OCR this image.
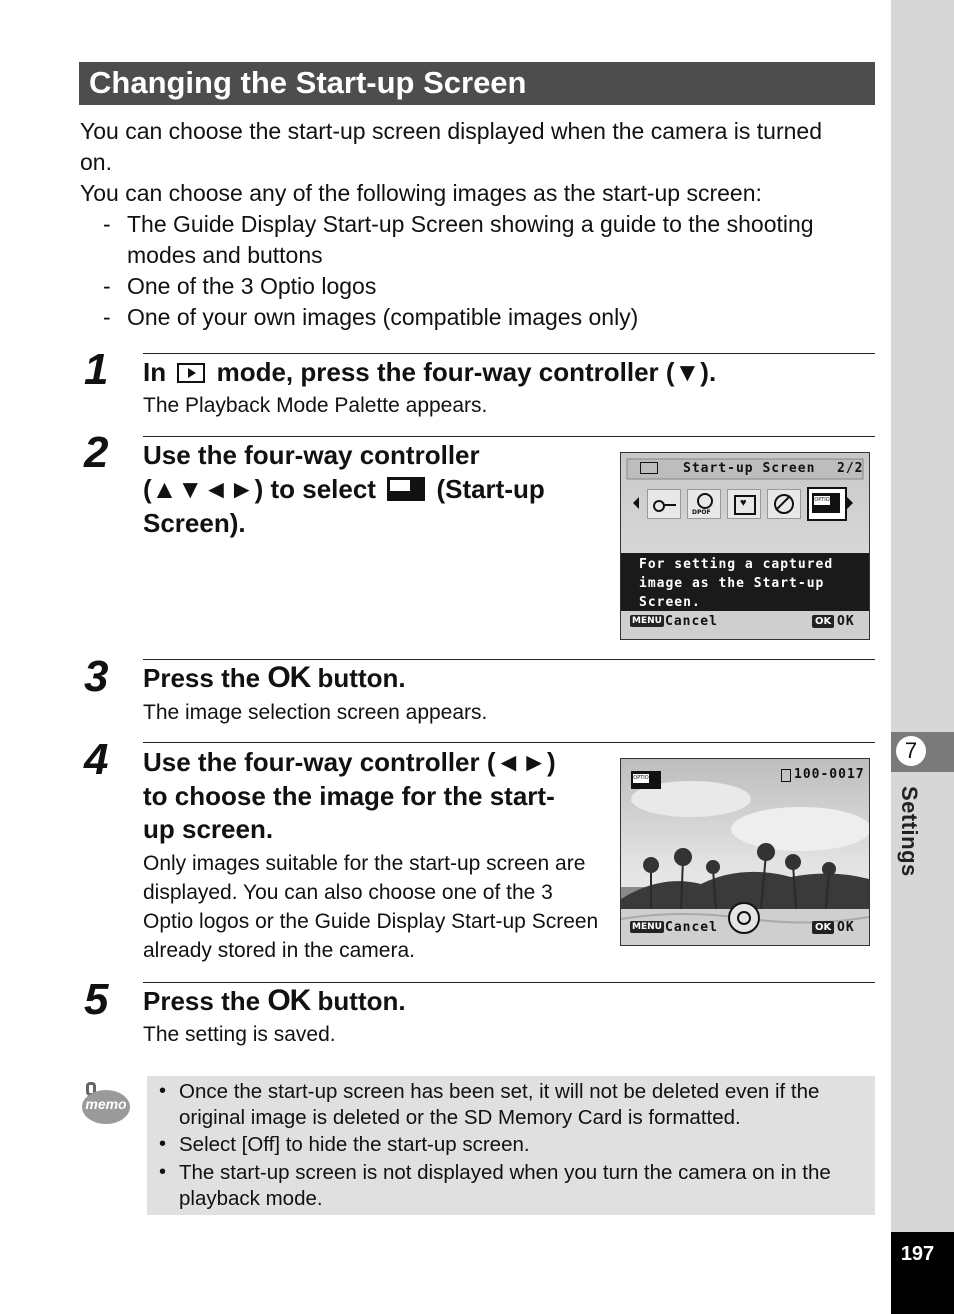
7
Settings
197
Changing the Start-up Screen
You can choose the start-up screen displayed when the camera is turned on.
You can choose any of the following images as the start-up screen:
- The Guide Display Start-up Screen showing a guide to the shooting modes and buttons
- One of the 3 Optio logos
- One of your own images (compatible images only)
1 In mode, press the four-way controller (▼).
The Playback Mode Palette appears.
2 Use the four-way controller
(▲▼◄►) to select (Start-up
Screen).
Start-up Screen 2/2
DPOF
♥	OPTIO
For setting a captured
image as the Start-up
Screen.
MENU Cancel	OK OK
3 Press the OK button.
The image selection screen appears.
4 Use the four-way controller (◄►)
to choose the image for the start-
up screen.
Only images suitable for the start-up screen are displayed. You can also choose one of the 3 Optio logos or the Guide Display Start-up Screen already stored in the camera.
OPTIO	100-0017
MENU Cancel	OK OK
5 Press the OK button.
The setting is saved.
memo
• Once the start-up screen has been set, it will not be deleted even if the original image is deleted or the SD Memory Card is formatted.
• Select [Off] to hide the start-up screen.
• The start-up screen is not displayed when you turn the camera on in the playback mode.
